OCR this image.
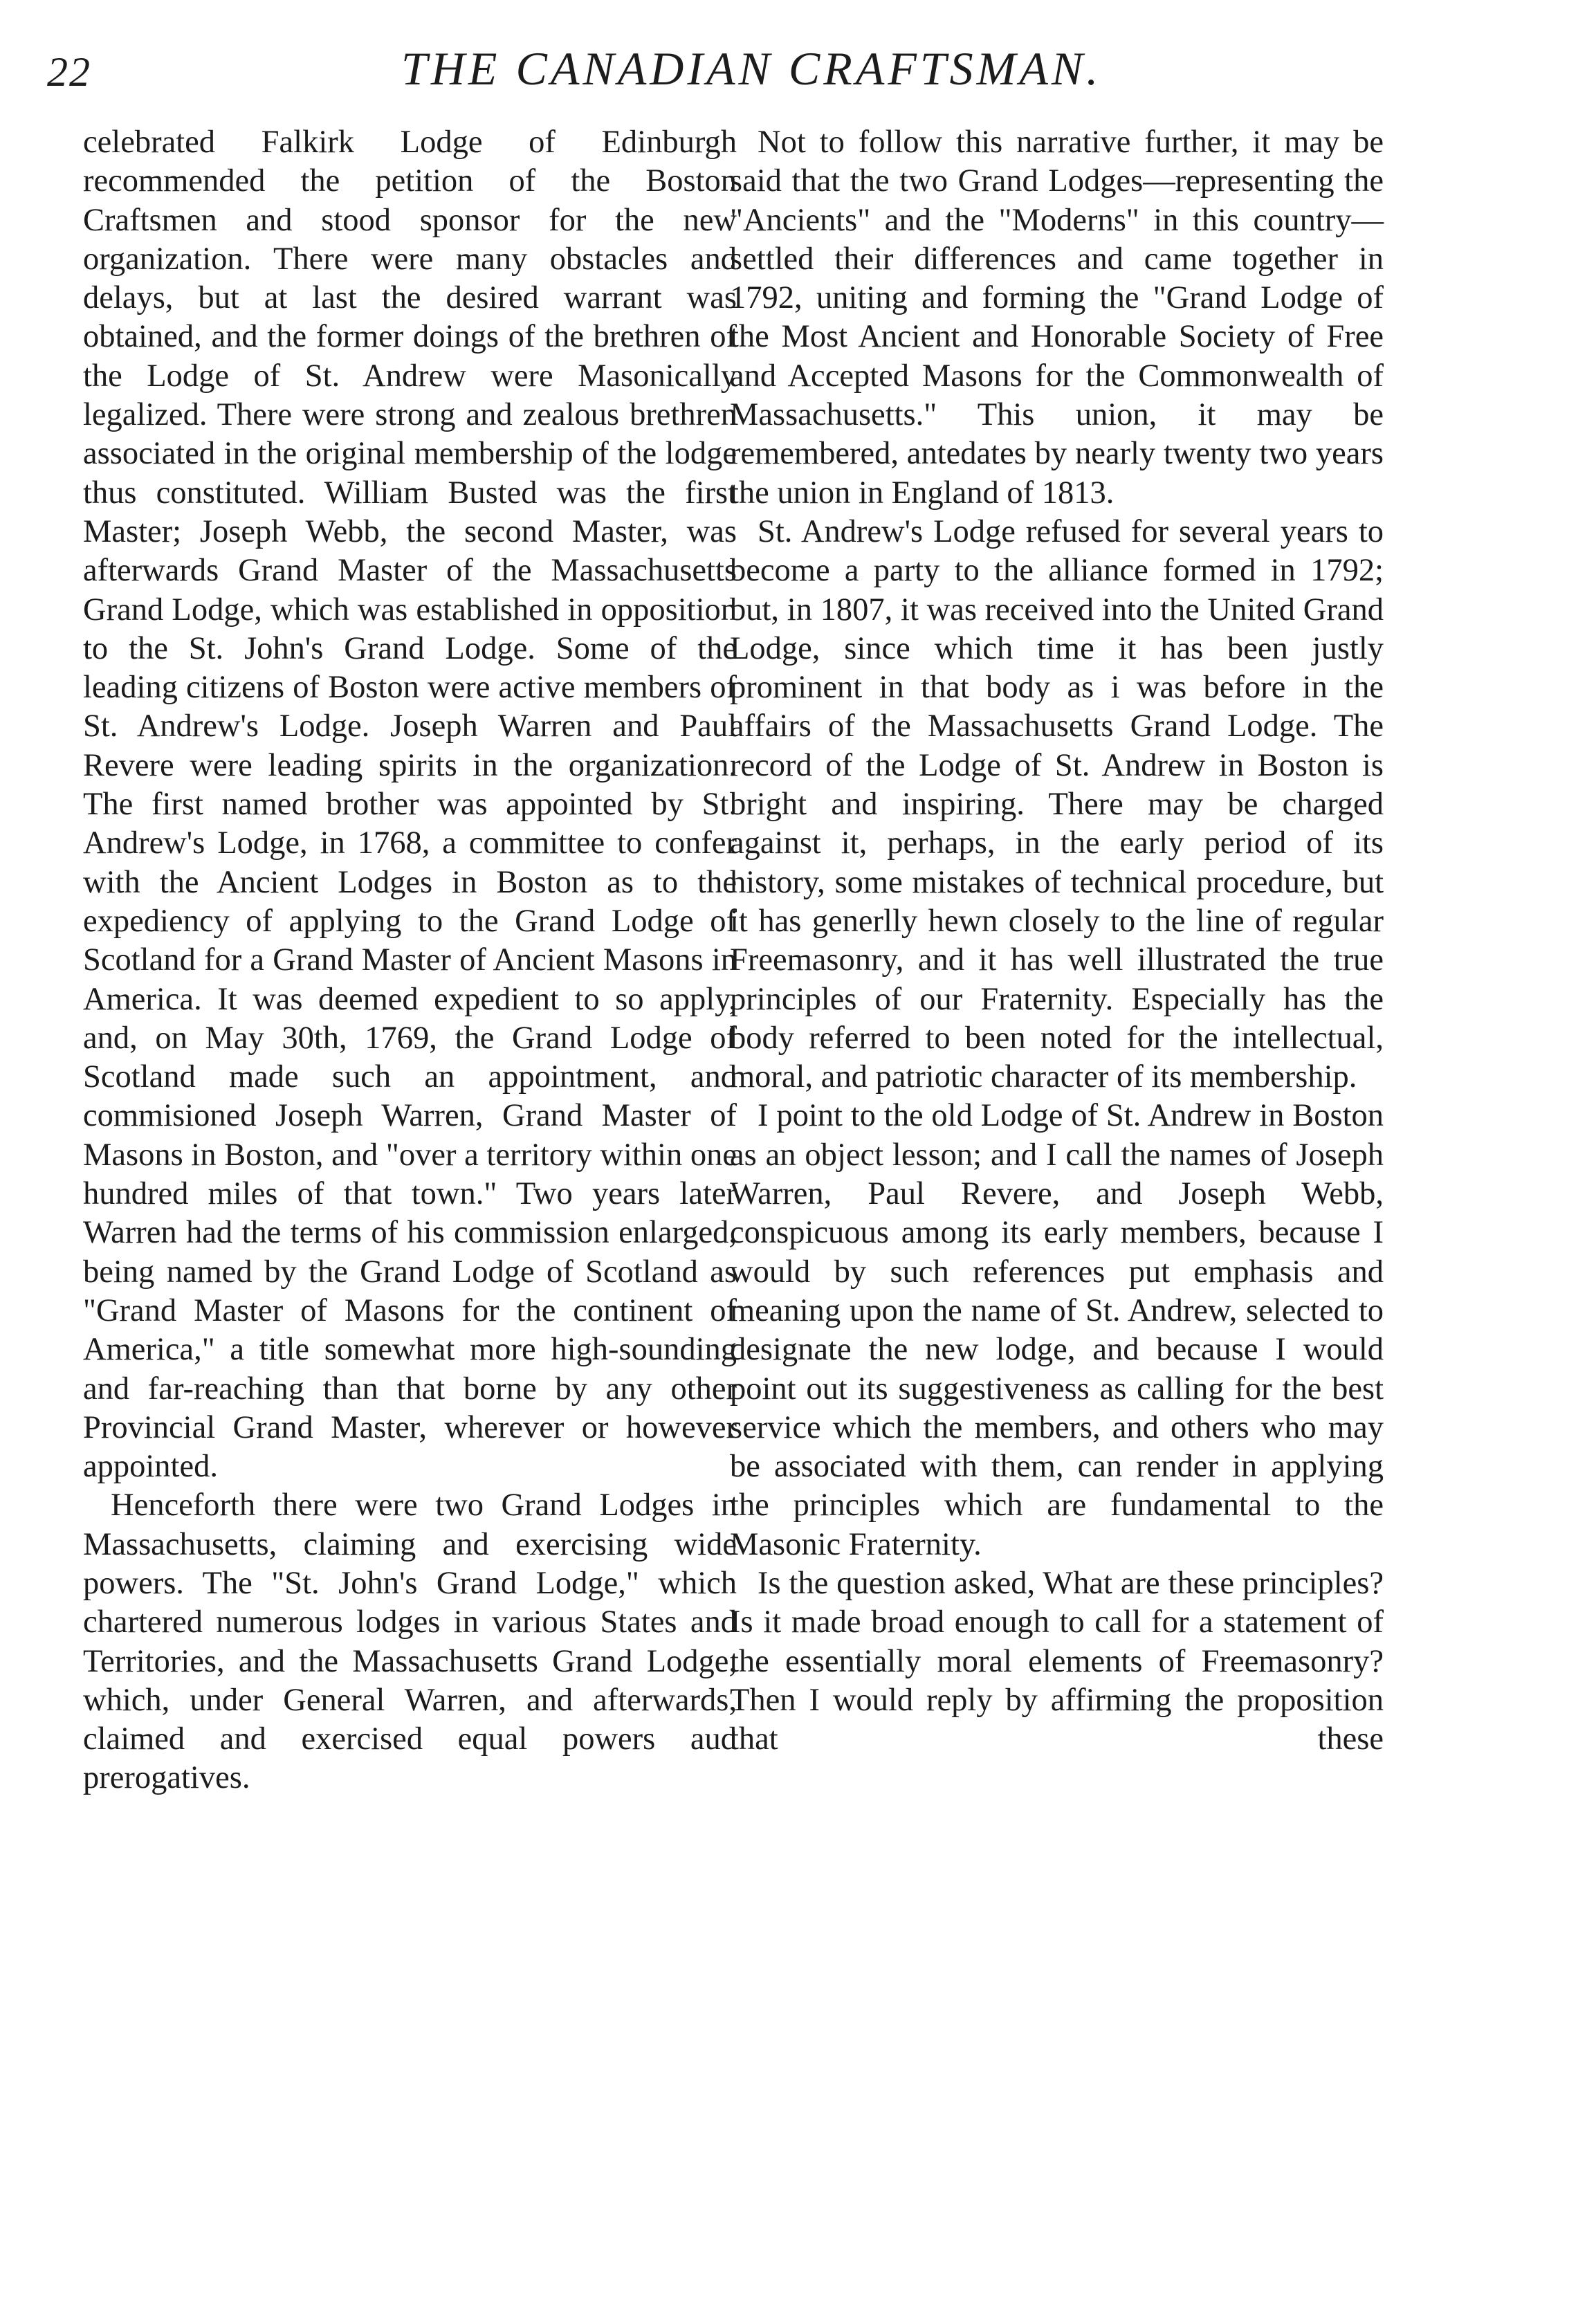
22	THE CANADIAN CRAFTSMAN.

celebrated Falkirk Lodge of Edinburgh recommended the petition of the Boston Craftsmen and stood sponsor for the new organization. There were many obstacles and delays, but at last the desired warrant was obtained, and the former doings of the brethren of the Lodge of St. Andrew were Masonically legalized. There were strong and zealous brethren associated in the original membership of the lodge thus constituted. William Busted was the first Master; Joseph Webb, the second Master, was afterwards Grand Master of the Massachusetts Grand Lodge, which was established in opposition to the St. John's Grand Lodge. Some of the leading citizens of Boston were active members of St. Andrew's Lodge. Joseph Warren and Paul Revere were leading spirits in the organization. The first named brother was appointed by St. Andrew's Lodge, in 1768, a committee to confer with the Ancient Lodges in Boston as to the expediency of applying to the Grand Lodge of Scotland for a Grand Master of Ancient Masons in America. It was deemed expedient to so apply, and, on May 30th, 1769, the Grand Lodge of Scotland made such an appointment, and commisioned Joseph Warren, Grand Master of Masons in Boston, and "over a territory within one hundred miles of that town." Two years later Warren had the terms of his commission enlarged, being named by the Grand Lodge of Scotland as "Grand Master of Masons for the continent of America," a title somewhat more high-sounding and far-reaching than that borne by any other Provincial Grand Master, wherever or however appointed.

Henceforth there were two Grand Lodges in Massachusetts, claiming and exercising wide powers. The "St. John's Grand Lodge," which chartered numerous lodges in various States and Territories, and the Massachusetts Grand Lodge, which, under General Warren, and afterwards, claimed and exercised equal powers aud prerogatives.

Not to follow this narrative further, it may be said that the two Grand Lodges—representing the "Ancients" and the "Moderns" in this country—settled their differences and came together in 1792, uniting and forming the "Grand Lodge of the Most Ancient and Honorable Society of Free and Accepted Masons for the Commonwealth of Massachusetts." This union, it may be remembered, antedates by nearly twenty two years the union in England of 1813.

St. Andrew's Lodge refused for several years to become a party to the alliance formed in 1792; but, in 1807, it was received into the United Grand Lodge, since which time it has been justly prominent in that body as i was before in the affairs of the Massachusetts Grand Lodge. The record of the Lodge of St. Andrew in Boston is bright and inspiring. There may be charged against it, perhaps, in the early period of its history, some mistakes of technical procedure, but it has generlly hewn closely to the line of regular Freemasonry, and it has well illustrated the true principles of our Fraternity. Especially has the body referred to been noted for the intellectual, moral, and patriotic character of its membership.

I point to the old Lodge of St. Andrew in Boston as an object lesson; and I call the names of Joseph Warren, Paul Revere, and Joseph Webb, conspicuous among its early members, because I would by such references put emphasis and meaning upon the name of St. Andrew, selected to designate the new lodge, and because I would point out its suggestiveness as calling for the best service which the members, and others who may be associated with them, can render in applying the principles which are fundamental to the Masonic Fraternity.

Is the question asked, What are these principles? Is it made broad enough to call for a statement of the essentially moral elements of Freemasonry? Then I would reply by affirming the proposition that these
